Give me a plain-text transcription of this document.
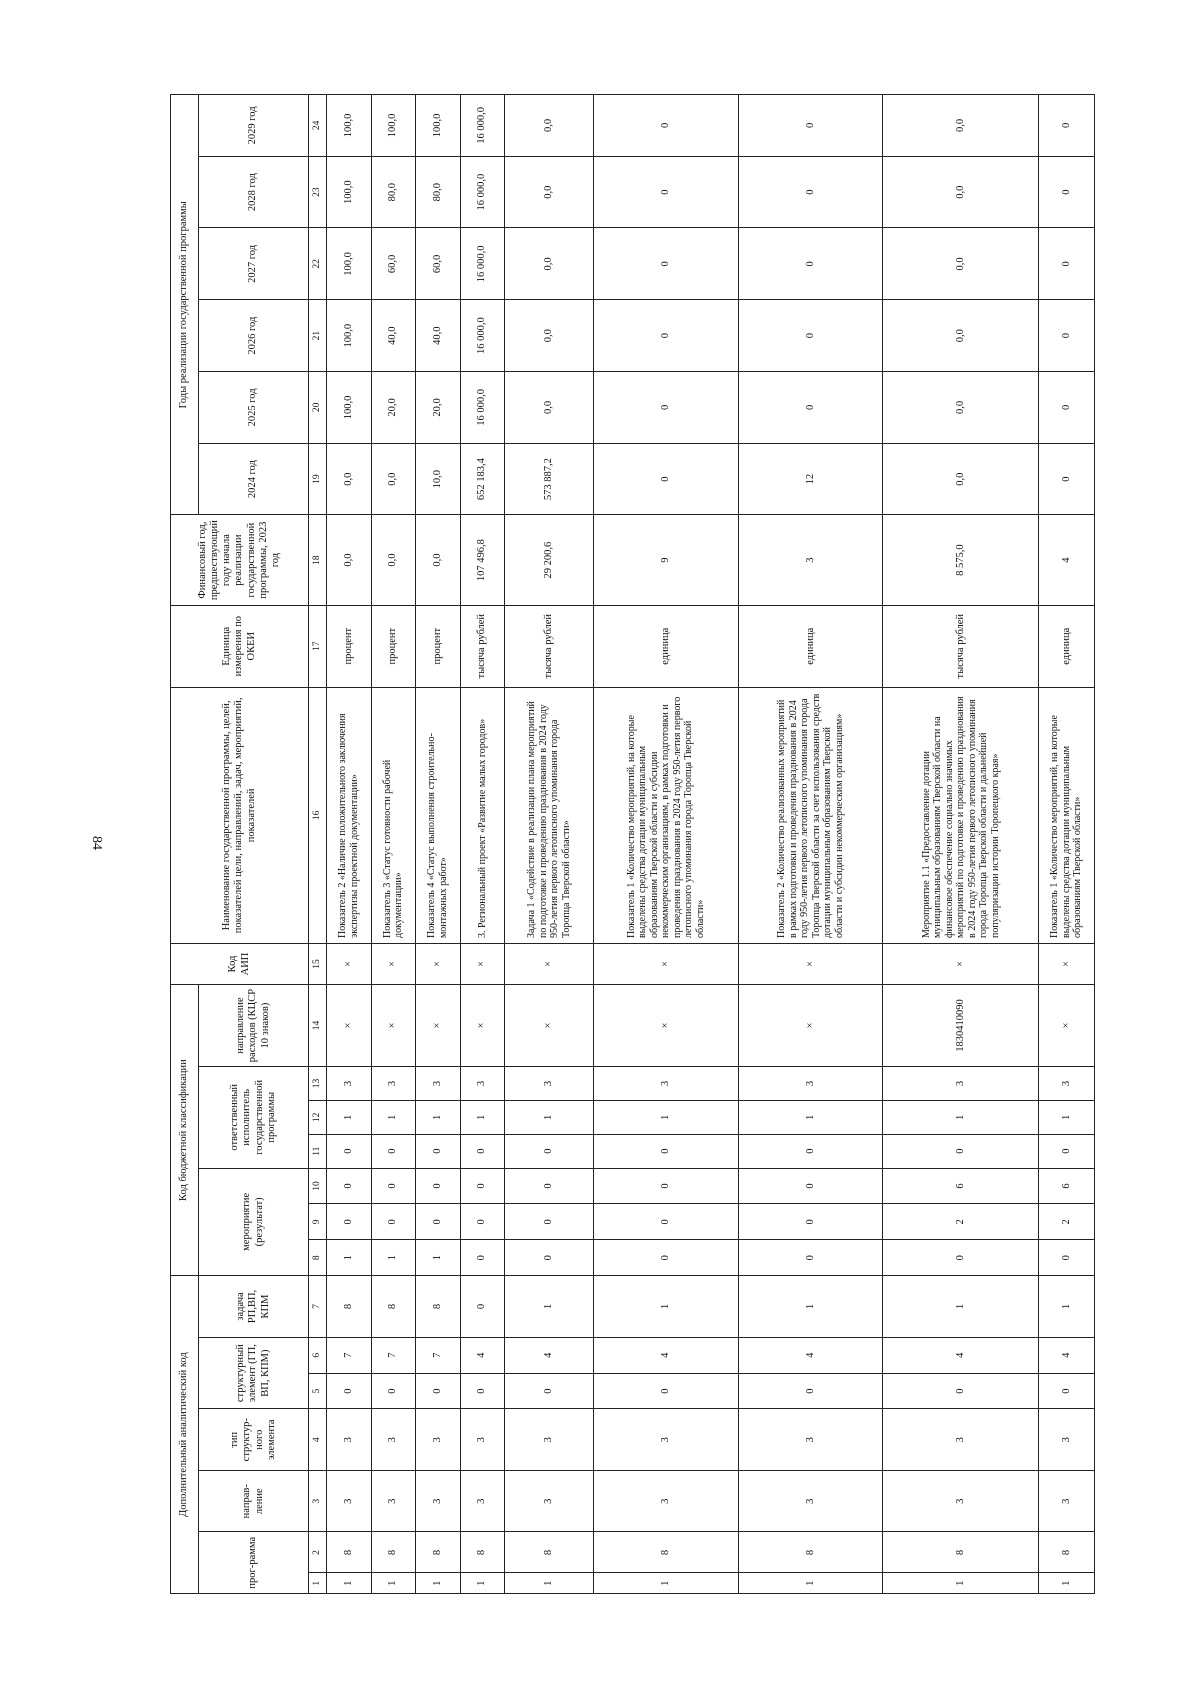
84
Дополнительный аналитический код							Код бюджетной классификации							Код АИП	Наименование государственной программы, целей, показателей цели, направлений, задач, мероприятий, показателей	Единица измерения по ОКЕИ	Финансовый год, предшествующий году начала реализации государственной программы, 2023 год	Годы реализации государственной программы					
прог-рамма		направ-ление	тип структур-ного элемента	структурный элемент (ГП, ВП, КПМ)		задача РП,ВП, КПМ	мероприятие (результат)			ответственный исполнитель государственной программы			направление расходов (КЦСР 10 знаков)					2024 год	2025 год	2026 год	2027 год	2028 год	2029 год
1	2	3	4	5	6	7	8	9	10	11	12	13	14	15	16	17	18	19	20	21	22	23	24
1	8	3	3	0	7	8	1	0	0	0	1	3	×	×	Показатель 2 «Наличие положительного заключения экспертизы проектной документации»	процент	0,0	0,0	100,0	100,0	100,0	100,0	100,0
1	8	3	3	0	7	8	1	0	0	0	1	3	×	×	Показатель 3 «Статус готовности рабочей документации»	процент	0,0	0,0	20,0	40,0	60,0	80,0	100,0
1	8	3	3	0	7	8	1	0	0	0	1	3	×	×	Показатель 4 «Статус выполнения строительно-монтажных работ»	процент	0,0	10,0	20,0	40,0	60,0	80,0	100,0
1	8	3	3	0	4	0	0	0	0	0	1	3	×	×	3. Региональный проект «Развитие малых городов»	тысяча рублей	107 496,8	652 183,4	16 000,0	16 000,0	16 000,0	16 000,0	16 000,0
1	8	3	3	0	4	1	0	0	0	0	1	3	×	×	Задача 1 «Содействие в реализации плана мероприятий по подготовке и проведению празднования в 2024 году 950-летия первого летописного упоминания города Торопца Тверской области»	тысяча рублей	29 200,6	573 887,2	0,0	0,0	0,0	0,0	0,0
1	8	3	3	0	4	1	0	0	0	0	1	3	×	×	Показатель 1 «Количество мероприятий, на которые выделены средства дотации муниципальным образованиям Тверской области и субсидии некоммерческим организациям, в рамках подготовки и проведения празднования в 2024 году 950-летия первого летописного упоминания города Торопца Тверской области»	единица	9	0	0	0	0	0	0
1	8	3	3	0	4	1	0	0	0	0	1	3	×	×	Показатель 2 «Количество реализованных мероприятий в рамках подготовки и проведения празднования в 2024 году 950-летия первого летописного упоминания города Торопца Тверской области за счет использования средств дотации муниципальным образованиям Тверской области и субсидии некоммерческим организациям»	единица	3	12	0	0	0	0	0
1	8	3	3	0	4	1	0	2	6	0	1	3	1830410090	×	Мероприятие 1.1 «Предоставление дотации муниципальным образованиям Тверской области на финансовое обеспечение социально значимых мероприятий по подготовке и проведению празднования в 2024 году 950-летия первого летописного упоминания города Торопца Тверской области и дальнейшей популяризации истории Торопецкого края»	тысяча рублей	8 575,0	0,0	0,0	0,0	0,0	0,0	0,0
1	8	3	3	0	4	1	0	2	6	0	1	3	×	×	Показатель 1 «Количество мероприятий, на которые выделены средства дотации муниципальным образованиям Тверской области»	единица	4	0	0	0	0	0	0
